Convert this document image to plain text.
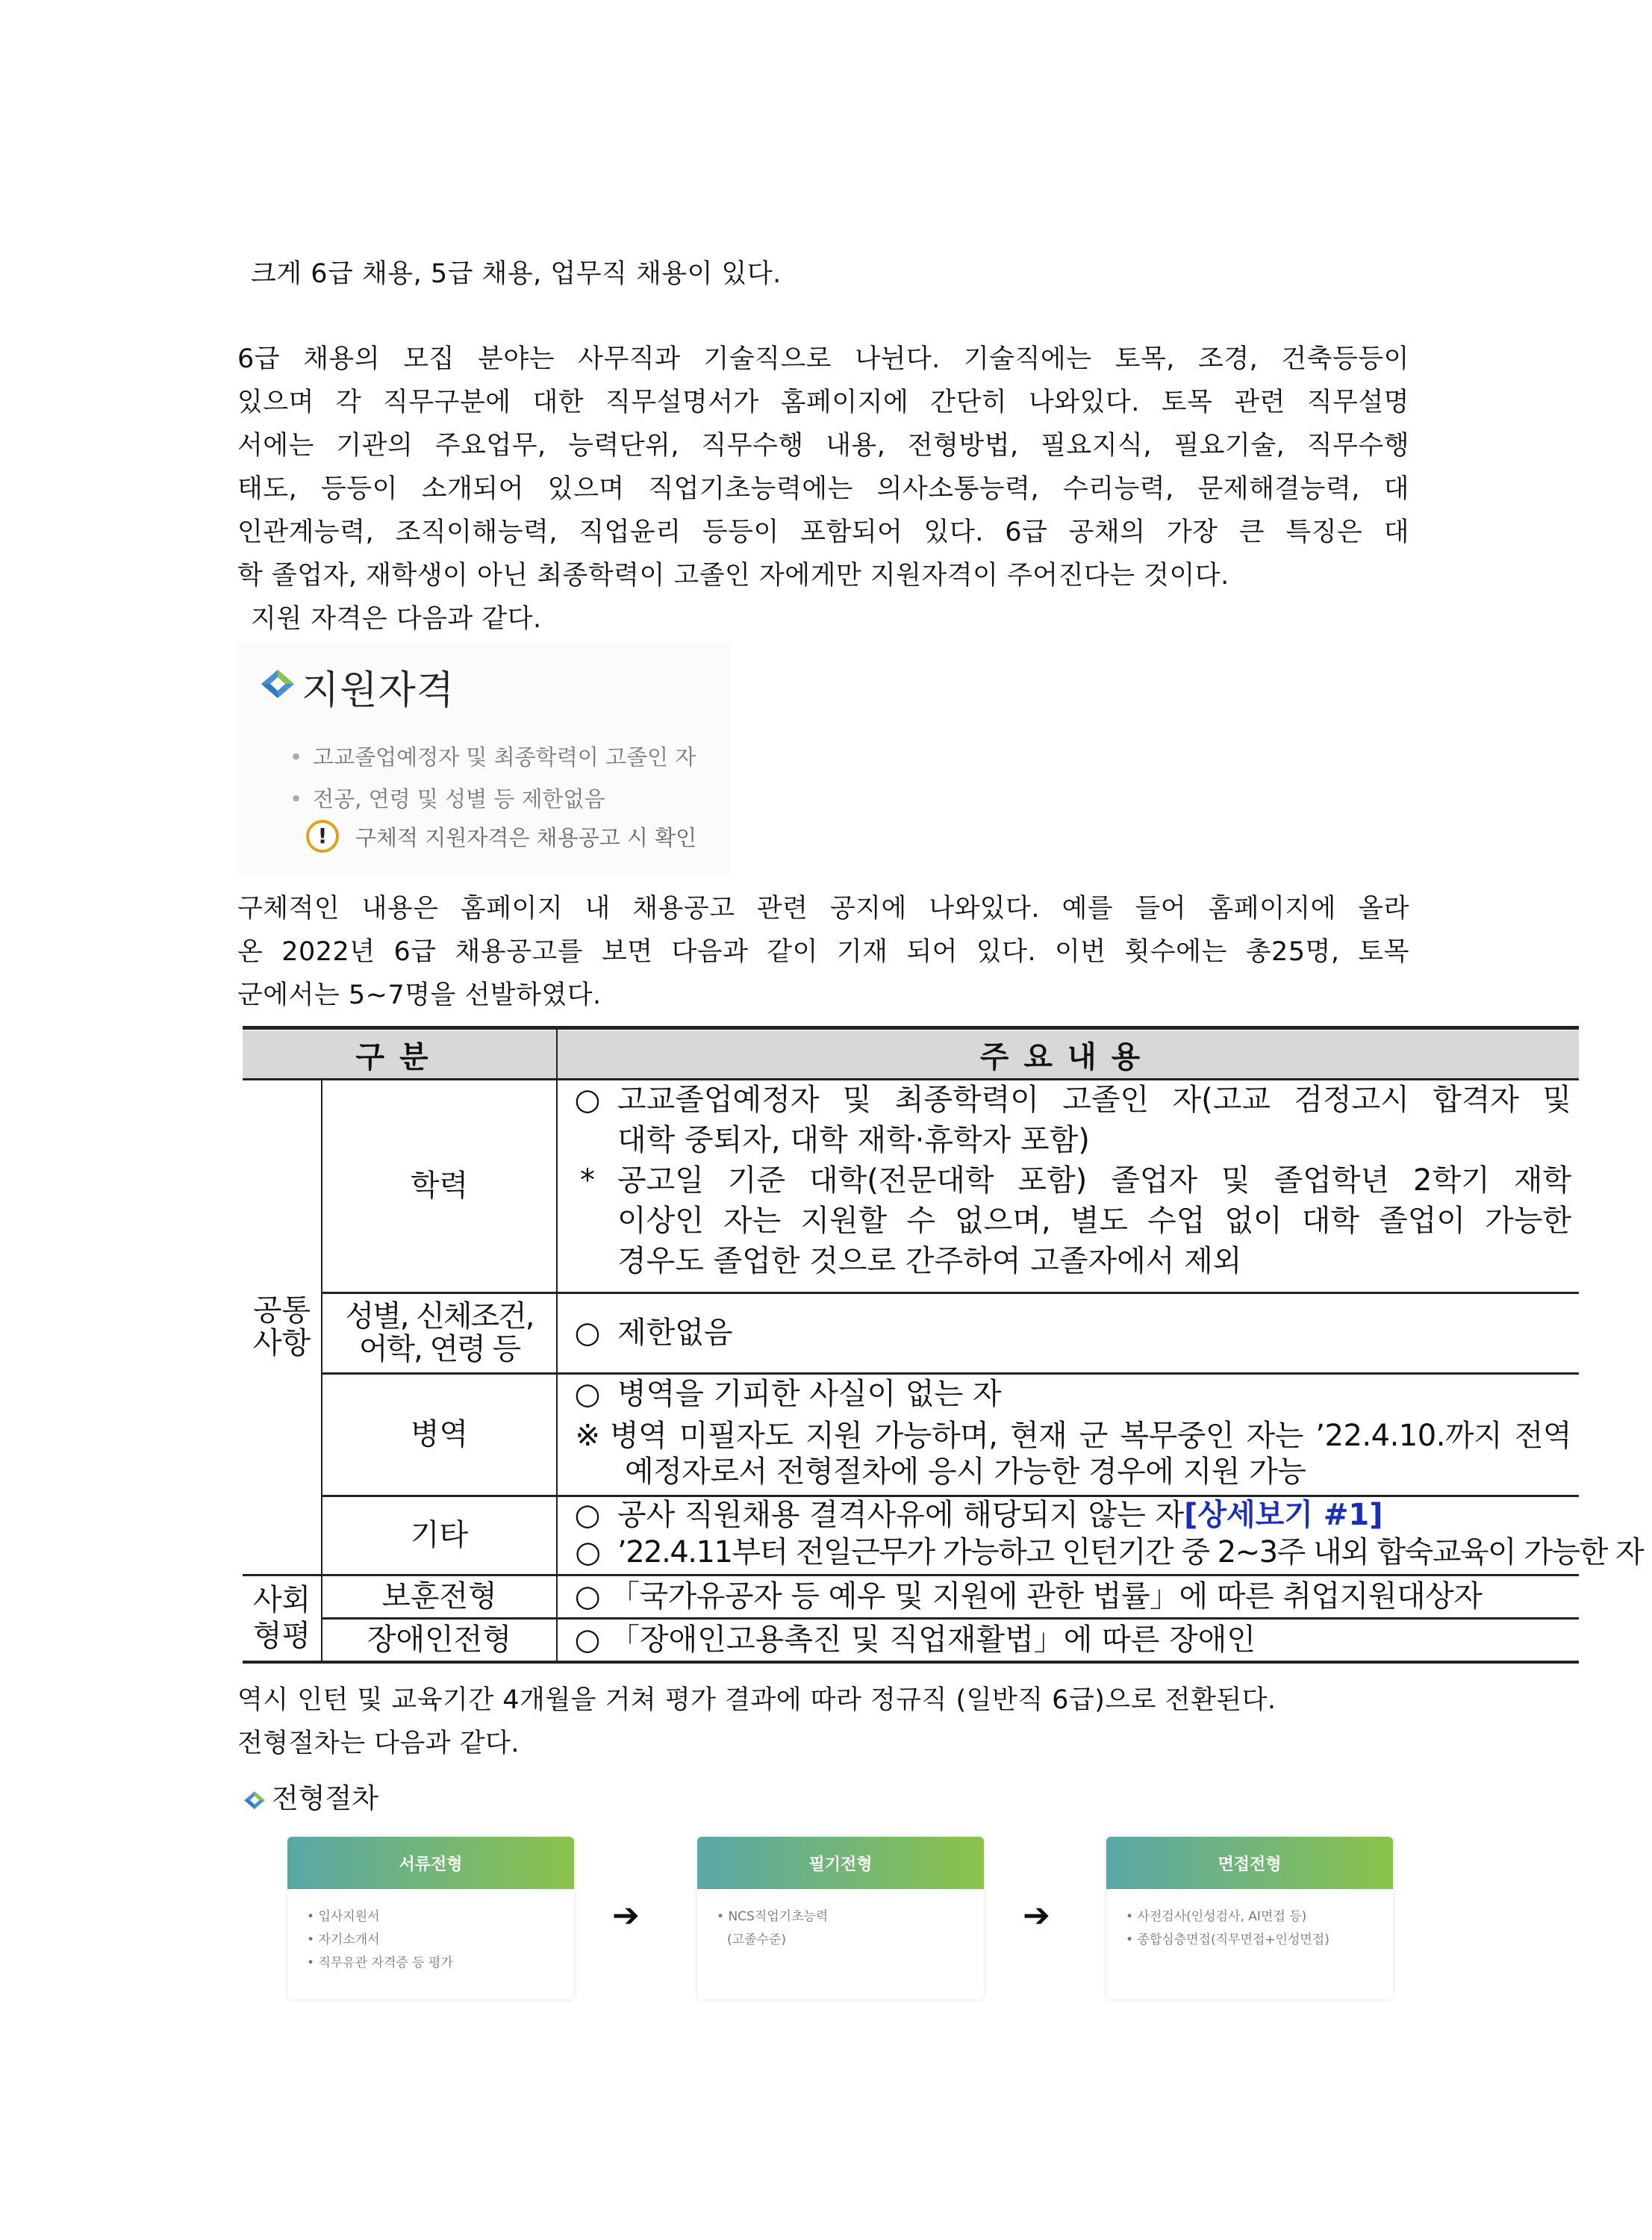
크게 6급 채용, 5급 채용, 업무직 채용이 있다.
6급 채용의 모집 분야는 사무직과 기술직으로 나뉜다. 기술직에는 토목, 조경, 건축등등이
있으며 각 직무구분에 대한 직무설명서가 홈페이지에 간단히 나와있다. 토목 관련 직무설명
서에는 기관의 주요업무, 능력단위, 직무수행 내용, 전형방법, 필요지식, 필요기술, 직무수행
태도, 등등이 소개되어 있으며 직업기초능력에는 의사소통능력, 수리능력, 문제해결능력, 대
인관계능력, 조직이해능력, 직업윤리 등등이 포함되어 있다. 6급 공채의 가장 큰 특징은 대
학 졸업자, 재학생이 아닌 최종학력이 고졸인 자에게만 지원자격이 주어진다는 것이다.
지원 자격은 다음과 같다.
지원자격
• 고교졸업예정자 및 최종학력이 고졸인 자
• 전공, 연령 및 성별 등 제한없음
!	구체적 지원자격은 채용공고 시 확인
구체적인 내용은 홈페이지 내 채용공고 관련 공지에 나와있다. 예를 들어 홈페이지에 올라
온 2022년 6급 채용공고를 보면 다음과 같이 기재 되어 있다. 이번 횟수에는 총25명, 토목
군에서는 5~7명을 선발하였다.
구분	주요내용
공통
사항
사회
형평
학력
성별, 신체조건,
어학, 연령 등
병역
기타
보훈전형
장애인전형
○ 고교졸업예정자 및 최종학력이 고졸인 자(고교 검정고시 합격자 및
대학 중퇴자, 대학 재학·휴학자 포함)
* 공고일 기준 대학(전문대학 포함) 졸업자 및 졸업학년 2학기 재학
이상인 자는 지원할 수 없으며, 별도 수업 없이 대학 졸업이 가능한
경우도 졸업한 것으로 간주하여 고졸자에서 제외
○ 제한없음
○ 병역을 기피한 사실이 없는 자
※ 병역 미필자도 지원 가능하며, 현재 군 복무중인 자는 ’22.4.10.까지 전역
예정자로서 전형절차에 응시 가능한 경우에 지원 가능
○ 공사 직원채용 결격사유에 해당되지 않는 자[상세보기 #1]
○ ’22.4.11부터 전일근무가 가능하고 인턴기간 중 2~3주 내외 합숙교육이 가능한 자
○ 「국가유공자 등 예우 및 지원에 관한 법률」에 따른 취업지원대상자
○ 「장애인고용촉진 및 직업재활법」에 따른 장애인
역시 인턴 및 교육기간 4개월을 거쳐 평가 결과에 따라 정규직 (일반직 6급)으로 전환된다.
전형절차는 다음과 같다.
전형절차
서류전형
• 입사지원서
• 자기소개서
• 직무유관 자격증 등 평가
➔
필기전형
• NCS직업기초능력
(고졸수준)
➔
면접전형
• 사전검사(인성검사, AI면접 등)
• 종합심층면접(직무면접+인성면접)
